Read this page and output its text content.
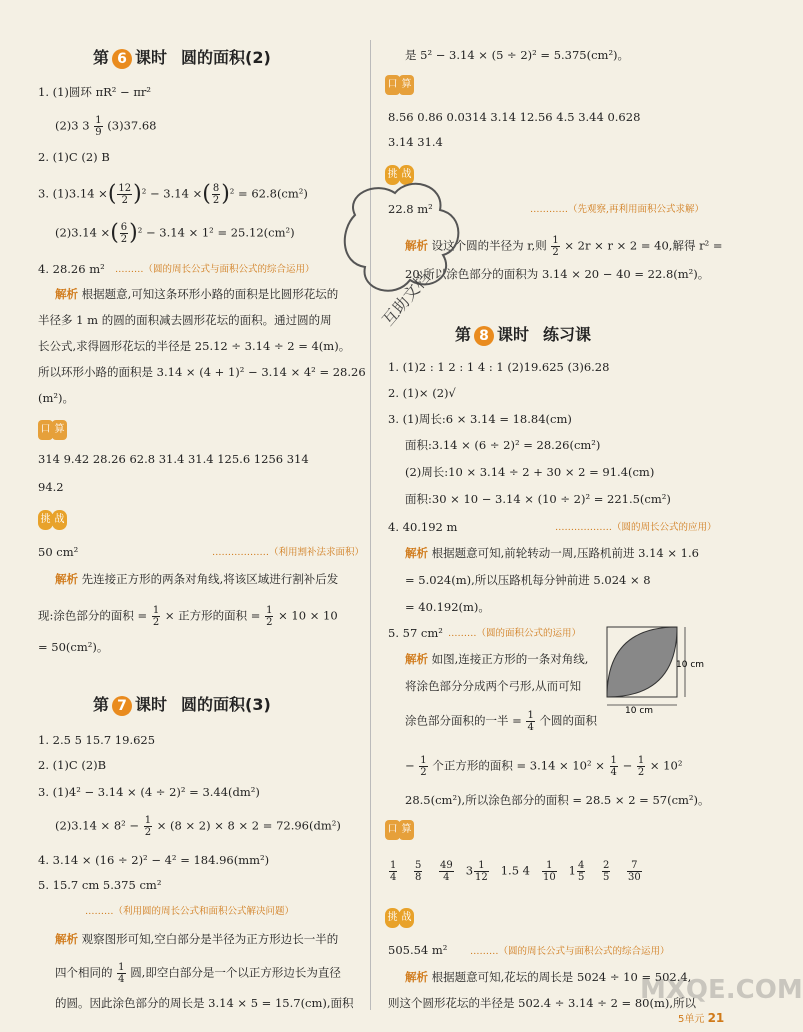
第 6 课时 圆的面积(2)
1. (1)圆环 πR² − πr²
(2)3 $3 \frac{1}{9} (3)37.68$
2. (1)C (2) B
3. (1)3.14 ×( $\frac{12}{2} )^2 - 3.14$ ×( $\frac{8}{2} )^2 = 62.8(cm^2)$
(2)3.14 ×( $\frac{6}{2} )^2 - 3.14 \times 1^2 = 25.12(cm^2)$
4. 28.26 m² ………（圆的周长公式与面积公式的综合运用）
解析 根据题意,可知这条环形小路的面积是比圆形花坛的
半径多 1 m 的圆的面积减去圆形花坛的面积。通过圆的周
长公式,求得圆形花坛的半径是 25.12 ÷ 3.14 ÷ 2 = 4(m)。
所以环形小路的面积是 3.14 × (4 + 1)² − 3.14 × 4² = 28.26
(m²)。
口 算
314 9.42 28.26 62.8 31.4 31.4 125.6 1256 314
94.2
挑 战
50 cm²	………………（利用割补法求面积）
解析 先连接正方形的两条对角线,将该区域进行割补后发
现:涂色部分的面积 = $\frac{1}{2}$ × 正方形的面积 = $\frac{1}{2} \times 10 \times 10$
= 50(cm²)。
第 7 课时 圆的面积(3)
1. 2.5 5 15.7 19.625
2. (1)C (2)B
3. (1)4² − 3.14 × (4 ÷ 2)² = 3.44(dm²)
$(2)3.14 \times 8^2 - \frac{1}{2} \times (8 \times 2) \times 8 \times 2 = 72.96(dm^2)$
4. 3.14 × (16 ÷ 2)² − 4² = 184.96(mm²)
5. 15.7 cm 5.375 cm²
………（利用圆的周长公式和面积公式解决问题）
解析 观察图形可知,空白部分是半径为正方形边长一半的
四个相同的 $\frac{1}{4}$ 圆,即空白部分是一个以正方形边长为直径
的圆。因此涂色部分的周长是 3.14 × 5 = 15.7(cm),面积
是 5² − 3.14 × (5 ÷ 2)² = 5.375(cm²)。
口 算
8.56 0.86 0.0314 3.14 12.56 4.5 3.44 0.628
3.14 31.4
挑 战
22.8 m²	…………（先观察,再利用面积公式求解）
解析 设这个圆的半径为 r,则 $\frac{1}{2} \times 2r \times r \times 2 = 40$,解得 r² =
20,所以涂色部分的面积为 3.14 × 20 − 40 = 22.8(m²)。
第 8 课时 练习课
1. (1)2 : 1 2 : 1 4 : 1 (2)19.625 (3)6.28
2. (1)× (2)√
3. (1)周长:6 × 3.14 = 18.84(cm)
面积:3.14 × (6 ÷ 2)² = 28.26(cm²)
(2)周长:10 × 3.14 ÷ 2 + 30 × 2 = 91.4(cm)
面积:30 × 10 − 3.14 × (10 ÷ 2)² = 221.5(cm²)
4. 40.192 m	………………（圆的周长公式的应用）
解析 根据题意可知,前轮转动一周,压路机前进 3.14 × 1.6
= 5.024(m),所以压路机每分钟前进 5.024 × 8
= 40.192(m)。
5. 57 cm² ………（圆的面积公式的运用）
解析 如图,连接正方形的一条对角线,
将涂色部分分成两个弓形,从而可知
涂色部分面积的一半 = $\frac{1}{4}$ 个圆的面积
− $\frac{1}{2}$ 个正方形的面积 = $3.14 \times 10^2 \times \frac{1}{4} - \frac{1}{2} \times 10^2$
28.5(cm²),所以涂色部分的面积 = 28.5 × 2 = 57(cm²)。
10 cm
10 cm
口 算
$\frac{1}{4}$
$\frac{5}{8}$
$\frac{49}{4} 3 \frac{1}{12} 1.5$ $4 \frac{1}{10} 1 \frac{4}{5}$
$\frac{2}{5}$
$\frac{7}{30}$
挑 战
505.54 m² ………（圆的周长公式与面积公式的综合运用）
解析 根据题意可知,花坛的周长是 5024 ÷ 10 = 502.4,
则这个圆形花坛的半径是 502.4 ÷ 3.14 ÷ 2 = 80(m),所以
互助文档
MXQE.COM
5单元 21
